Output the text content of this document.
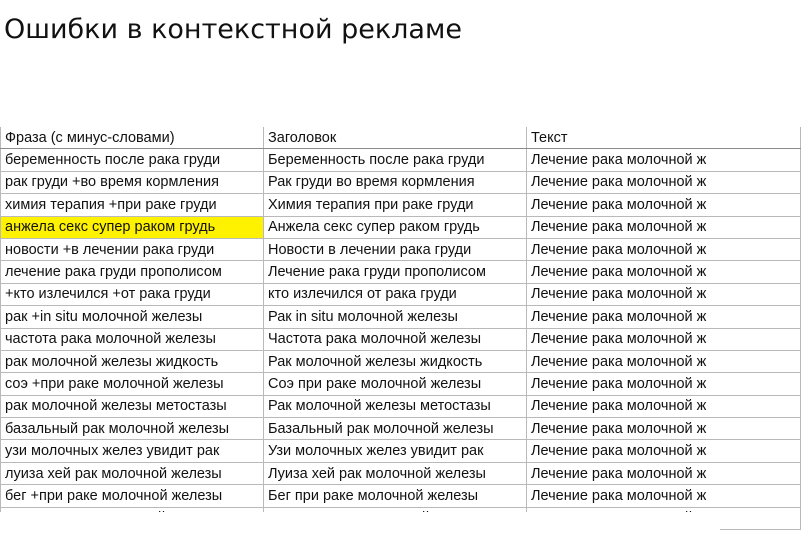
Ошибки в контекстной рекламе
Фраза (с минус-словами)	Заголовок	Текст
беременность после рака груди	Беременность после рака груди	Лечение рака молочной ж
рак груди +во время кормления	Рак груди во время кормления	Лечение рака молочной ж
химия терапия +при раке груди	Химия терапия при раке груди	Лечение рака молочной ж
анжела секс супер раком грудь	Анжела секс супер раком грудь	Лечение рака молочной ж
новости +в лечении рака груди	Новости в лечении рака груди	Лечение рака молочной ж
лечение рака груди прополисом	Лечение рака груди прополисом	Лечение рака молочной ж
+кто излечился +от рака груди	кто излечился от рака груди	Лечение рака молочной ж
рак +in situ молочной железы	Рак in situ молочной железы	Лечение рака молочной ж
частота рака молочной железы	Частота рака молочной железы	Лечение рака молочной ж
рак молочной железы жидкость	Рак молочной железы жидкость	Лечение рака молочной ж
соэ +при раке молочной железы	Соэ при раке молочной железы	Лечение рака молочной ж
рак молочной железы метостазы	Рак молочной железы метостазы	Лечение рака молочной ж
базальный рак молочной железы	Базальный рак молочной железы	Лечение рака молочной ж
узи молочных желез увидит рак	Узи молочных желез увидит рак	Лечение рака молочной ж
луиза хей рак молочной железы	Луиза хей рак молочной железы	Лечение рака молочной ж
бег +при раке молочной железы	Бег при раке молочной железы	Лечение рака молочной ж
